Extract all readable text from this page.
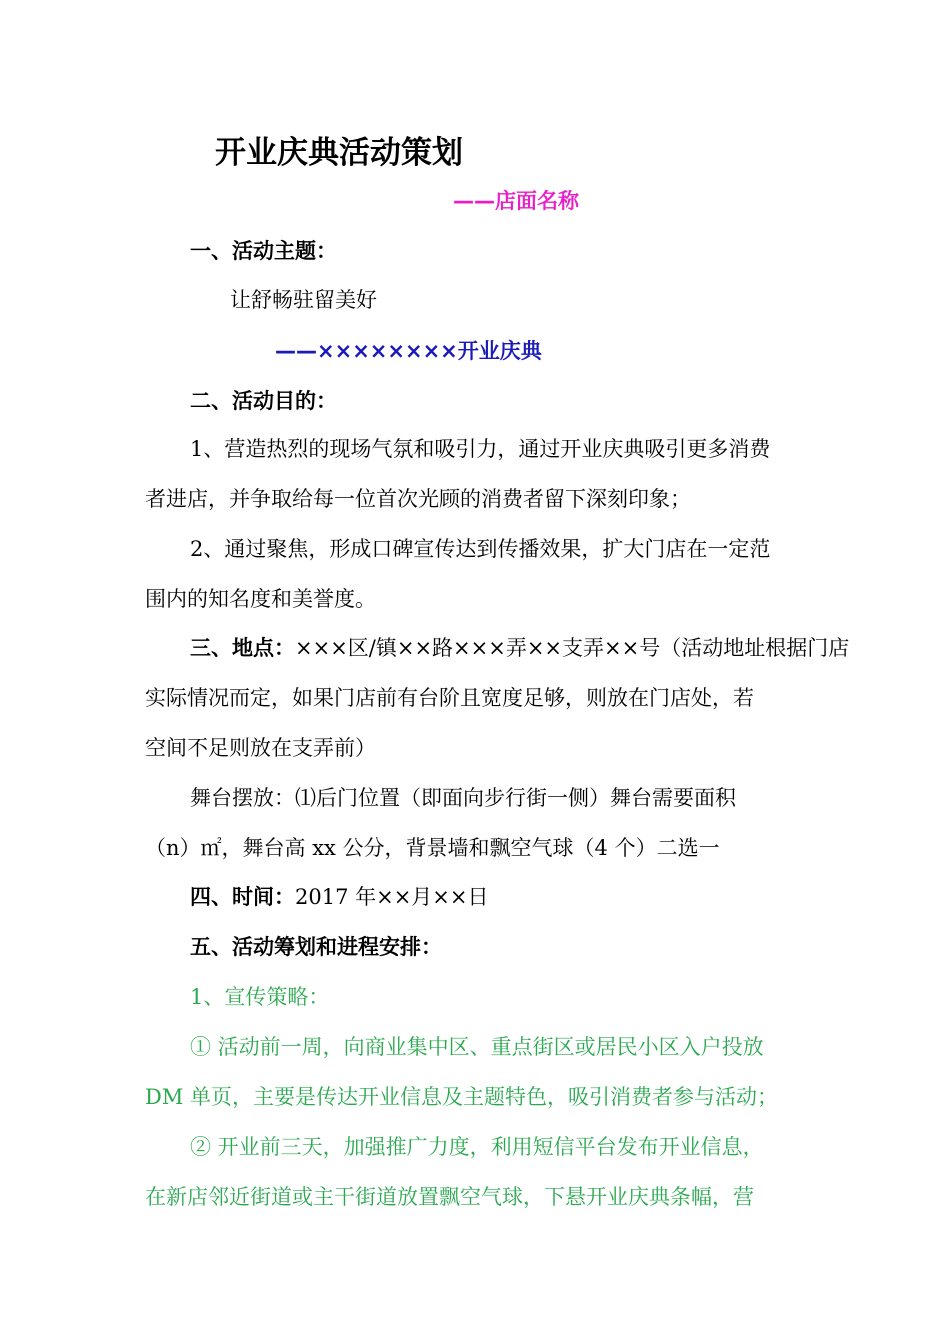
开业庆典活动策划
——店面名称
一、活动主题：
让舒畅驻留美好
——××××××××开业庆典
二、活动目的：
1、营造热烈的现场气氛和吸引力，通过开业庆典吸引更多消费
者进店，并争取给每一位首次光顾的消费者留下深刻印象；
2、通过聚焦，形成口碑宣传达到传播效果，扩大门店在一定范
围内的知名度和美誉度。
三、地点：×××区/镇××路×××弄××支弄××号（活动地址根据门店
实际情况而定，如果门店前有台阶且宽度足够，则放在门店处，若
空间不足则放在支弄前）
舞台摆放：⑴后门位置（即面向步行街一侧）舞台需要面积
（n）㎡，舞台高 xx 公分，背景墙和飘空气球（4 个）二选一
四、时间：2017 年××月××日
五、活动筹划和进程安排：
1、宣传策略：
① 活动前一周，向商业集中区、重点街区或居民小区入户投放
DM 单页，主要是传达开业信息及主题特色，吸引消费者参与活动；
② 开业前三天，加强推广力度，利用短信平台发布开业信息，
在新店邻近街道或主干街道放置飘空气球，下悬开业庆典条幅，营
